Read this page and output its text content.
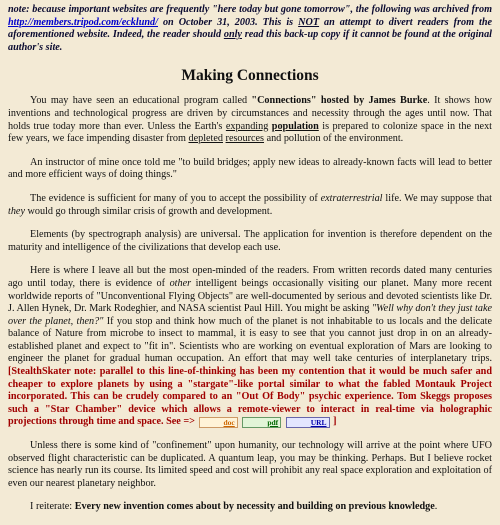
note: because important websites are frequently "here today but gone tomorrow", the following was archived from http://members.tripod.com/ecklund/ on October 31, 2003. This is NOT an attempt to divert readers from the aforementioned website. Indeed, the reader should only read this back-up copy if it cannot be found at the original author's site.

Making Connections

You may have seen an educational program called "Connections" hosted by James Burke. It shows how inventions and technological progress are driven by circumstances and necessity through the ages until now. That holds true today more than ever. Unless the Earth's expanding population is prepared to colonize space in the next few years, we face impending disaster from depleted resources and pollution of the environment.

An instructor of mine once told me "to build bridges; apply new ideas to already-known facts will lead to better and more efficient ways of doing things."

The evidence is sufficient for many of you to accept the possibility of extraterrestrial life. We may suppose that they would go through similar crisis of growth and development.

Elements (by spectrograph analysis) are universal. The application for invention is therefore dependent on the maturity and intelligence of the civilizations that develop each use.

Here is where I leave all but the most open-minded of the readers. From written records dated many centuries ago until today, there is evidence of other intelligent beings occasionally visiting our planet. Many more recent worldwide reports of "Unconventional Flying Objects" are well-documented by serious and devoted scientists like Dr. J. Allen Hynek, Dr. Mark Rodeghier, and NASA scientist Paul Hill. You might be asking "Well why don't they just take over the planet, then?" If you stop and think how much of the planet is not inhabitable to us locals and the delicate balance of Nature from microbe to insect to mammal, it is easy to see that you cannot just drop in on an already-established planet and expect to "fit in". Scientists who are working on eventual exploration of Mars are looking to engineer the planet for gradual human occupation. An effort that may well take centuries of interplanetary trips. [StealthSkater note: parallel to this line-of-thinking has been my contention that it would be much safer and cheaper to explore planets by using a "stargate"-like portal similar to what the fabled Montauk Project incorporated. This can be crudely compared to an "Out Of Body" psychic experience. Tom Skeggs proposes such a "Star Chamber" device which allows a remote-viewer to interact in real-time via holographic projections through time and space. See =>	doc	pdf	URL ]

Unless there is some kind of "confinement" upon humanity, our technology will arrive at the point where UFO observed flight characteristic can be duplicated. A quantum leap, you may be thinking. Perhaps. But I believe rocket science has nearly run its course. Its limited speed and cost will prohibit any real space exploration and exploitation of even our nearest planetary neighbor.

I reiterate: Every new invention comes about by necessity and building on previous knowledge.
